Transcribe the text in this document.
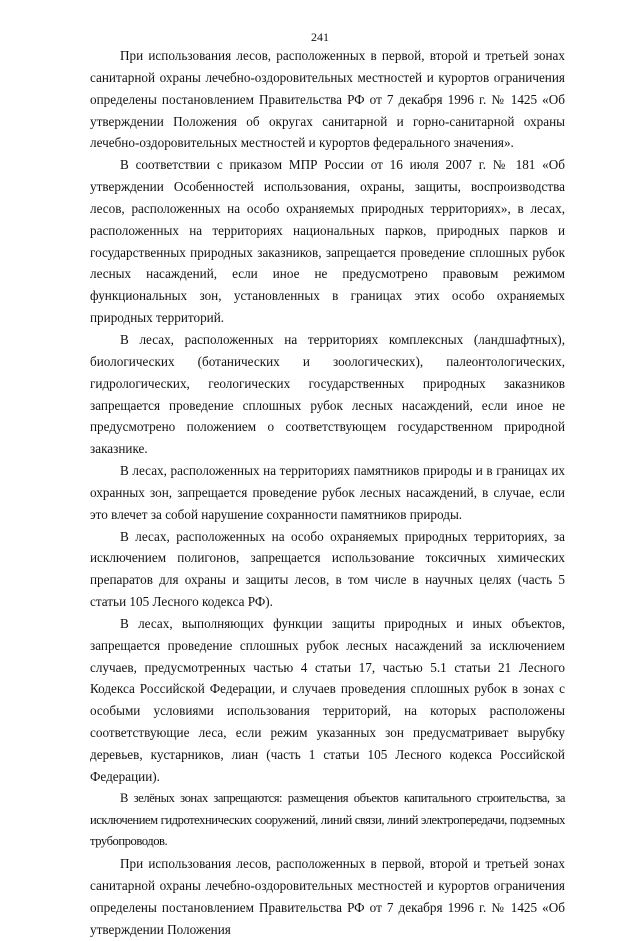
241

При использования лесов, расположенных в первой, второй и третьей зонах санитарной охраны лечебно-оздоровительных местностей и курортов ограничения определены постановлением Правительства РФ от 7 декабря 1996 г. № 1425 «Об утверждении Положения об округах санитарной и горно-санитарной охраны лечебно-оздоровительных местностей и курортов федерального значения».

В соответствии с приказом МПР России от 16 июля 2007 г. № 181 «Об утверждении Особенностей использования, охраны, защиты, воспроизводства лесов, расположенных на особо охраняемых природных территориях», в лесах, расположенных на территориях национальных парков, природных парков и государственных природных заказников, запрещается проведение сплошных рубок лесных насаждений, если иное не предусмотрено правовым режимом функциональных зон, установленных в границах этих особо охраняемых природных территорий.

В лесах, расположенных на территориях комплексных (ландшафтных), биологических (ботанических и зоологических), палеонтологических, гидрологических, геологических государственных природных заказников запрещается проведение сплошных рубок лесных насаждений, если иное не предусмотрено положением о соответствующем государственном природной заказнике.

В лесах, расположенных на территориях памятников природы и в границах их охранных зон, запрещается проведение рубок лесных насаждений, в случае, если это влечет за собой нарушение сохранности памятников природы.

В лесах, расположенных на особо охраняемых природных территориях, за исключением полигонов, запрещается использование токсичных химических препаратов для охраны и защиты лесов, в том числе в научных целях (часть 5 статьи 105 Лесного кодекса РФ).

В лесах, выполняющих функции защиты природных и иных объектов, запрещается проведение сплошных рубок лесных насаждений за исключением случаев, предусмотренных частью 4 статьи 17, частью 5.1 статьи 21 Лесного Кодекса Российской Федерации, и случаев проведения сплошных рубок в зонах с особыми условиями использования территорий, на которых расположены соответствующие леса, если режим указанных зон предусматривает вырубку деревьев, кустарников, лиан (часть 1 статьи 105 Лесного кодекса Российской Федерации).

В зелёных зонах запрещаются: размещения объектов капитального строительства, за исключением гидротехнических сооружений, линий связи, линий электропередачи, подземных трубопроводов.

При использования лесов, расположенных в первой, второй и третьей зонах санитарной охраны лечебно-оздоровительных местностей и курортов ограничения определены постановлением Правительства РФ от 7 декабря 1996 г. № 1425 «Об утверждении Положения
